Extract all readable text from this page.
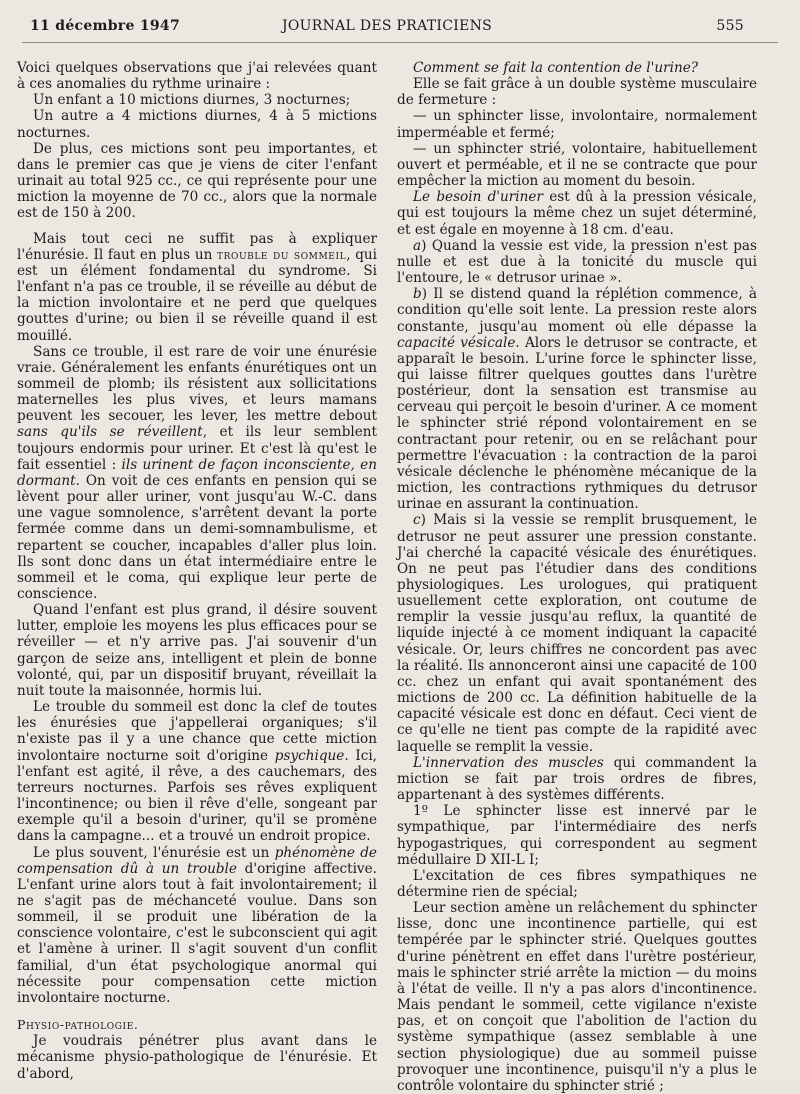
11 décembre 1947	JOURNAL DES PRATICIENS	555

Voici quelques observations que j'ai relevées quant à ces anomalies du rythme urinaire :

Un enfant a 10 mictions diurnes, 3 nocturnes;

Un autre a 4 mictions diurnes, 4 à 5 mictions nocturnes.

De plus, ces mictions sont peu importantes, et dans le premier cas que je viens de citer l'enfant urinait au total 925 cc., ce qui représente pour une miction la moyenne de 70 cc., alors que la normale est de 150 à 200.

Mais tout ceci ne suffit pas à expliquer l'énurésie. Il faut en plus un trouble du sommeil, qui est un élément fondamental du syndrome. Si l'enfant n'a pas ce trouble, il se réveille au début de la miction involontaire et ne perd que quelques gouttes d'urine; ou bien il se réveille quand il est mouillé.

Sans ce trouble, il est rare de voir une énurésie vraie. Généralement les enfants énurétiques ont un sommeil de plomb; ils résistent aux sollicitations maternelles les plus vives, et leurs mamans peuvent les secouer, les lever, les mettre debout sans qu'ils se réveillent, et ils leur semblent toujours endormis pour uriner. Et c'est là qu'est le fait essentiel : ils urinent de façon inconsciente, en dormant. On voit de ces enfants en pension qui se lèvent pour aller uriner, vont jusqu'au W.-C. dans une vague somnolence, s'arrêtent devant la porte fermée comme dans un demi-somnambulisme, et repartent se coucher, incapables d'aller plus loin. Ils sont donc dans un état intermédiaire entre le sommeil et le coma, qui explique leur perte de conscience.

Quand l'enfant est plus grand, il désire souvent lutter, emploie les moyens les plus efficaces pour se réveiller — et n'y arrive pas. J'ai souvenir d'un garçon de seize ans, intelligent et plein de bonne volonté, qui, par un dispositif bruyant, réveillait la nuit toute la maisonnée, hormis lui.

Le trouble du sommeil est donc la clef de toutes les énurésies que j'appellerai organiques; s'il n'existe pas il y a une chance que cette miction involontaire nocturne soit d'origine psychique. Ici, l'enfant est agité, il rêve, a des cauchemars, des terreurs nocturnes. Parfois ses rêves expliquent l'incontinence; ou bien il rêve d'elle, songeant par exemple qu'il a besoin d'uriner, qu'il se promène dans la campagne... et a trouvé un endroit propice.

Le plus souvent, l'énurésie est un phénomène de compensation dû à un trouble d'origine affective. L'enfant urine alors tout à fait involontairement; il ne s'agit pas de méchanceté voulue. Dans son sommeil, il se produit une libération de la conscience volontaire, c'est le subconscient qui agit et l'amène à uriner. Il s'agit souvent d'un conflit familial, d'un état psychologique anormal qui nécessite pour compensation cette miction involontaire nocturne.

Physio-pathologie.

Je voudrais pénétrer plus avant dans le mécanisme physio-pathologique de l'énurésie. Et d'abord,

Comment se fait la contention de l'urine?

Elle se fait grâce à un double système musculaire de fermeture :

— un sphincter lisse, involontaire, normalement imperméable et fermé;

— un sphincter strié, volontaire, habituellement ouvert et perméable, et il ne se contracte que pour empêcher la miction au moment du besoin.

Le besoin d'uriner est dû à la pression vésicale, qui est toujours la même chez un sujet déterminé, et est égale en moyenne à 18 cm. d'eau.

a) Quand la vessie est vide, la pression n'est pas nulle et est due à la tonicité du muscle qui l'entoure, le « detrusor urinae ».

b) Il se distend quand la réplétion commence, à condition qu'elle soit lente. La pression reste alors constante, jusqu'au moment où elle dépasse la capacité vésicale. Alors le detrusor se contracte, et apparaît le besoin. L'urine force le sphincter lisse, qui laisse filtrer quelques gouttes dans l'urètre postérieur, dont la sensation est transmise au cerveau qui perçoit le besoin d'uriner. A ce moment le sphincter strié répond volontairement en se contractant pour retenir, ou en se relâchant pour permettre l'évacuation : la contraction de la paroi vésicale déclenche le phénomène mécanique de la miction, les contractions rythmiques du detrusor urinae en assurant la continuation.

c) Mais si la vessie se remplit brusquement, le detrusor ne peut assurer une pression constante. J'ai cherché la capacité vésicale des énurétiques. On ne peut pas l'étudier dans des conditions physiologiques. Les urologues, qui pratiquent usuellement cette exploration, ont coutume de remplir la vessie jusqu'au reflux, la quantité de liquide injecté à ce moment indiquant la capacité vésicale. Or, leurs chiffres ne concordent pas avec la réalité. Ils annonceront ainsi une capacité de 100 cc. chez un enfant qui avait spontanément des mictions de 200 cc. La définition habituelle de la capacité vésicale est donc en défaut. Ceci vient de ce qu'elle ne tient pas compte de la rapidité avec laquelle se remplit la vessie.

L'innervation des muscles qui commandent la miction se fait par trois ordres de fibres, appartenant à des systèmes différents.

1º Le sphincter lisse est innervé par le sympathique, par l'intermédiaire des nerfs hypogastriques, qui correspondent au segment médullaire D XII-L I;

L'excitation de ces fibres sympathiques ne détermine rien de spécial;

Leur section amène un relâchement du sphincter lisse, donc une incontinence partielle, qui est tempérée par le sphincter strié. Quelques gouttes d'urine pénètrent en effet dans l'urètre postérieur, mais le sphincter strié arrête la miction — du moins à l'état de veille. Il n'y a pas alors d'incontinence. Mais pendant le sommeil, cette vigilance n'existe pas, et on conçoit que l'abolition de l'action du système sympathique (assez semblable à une section physiologique) due au sommeil puisse provoquer une incontinence, puisqu'il n'y a plus le contrôle volontaire du sphincter strié ;
